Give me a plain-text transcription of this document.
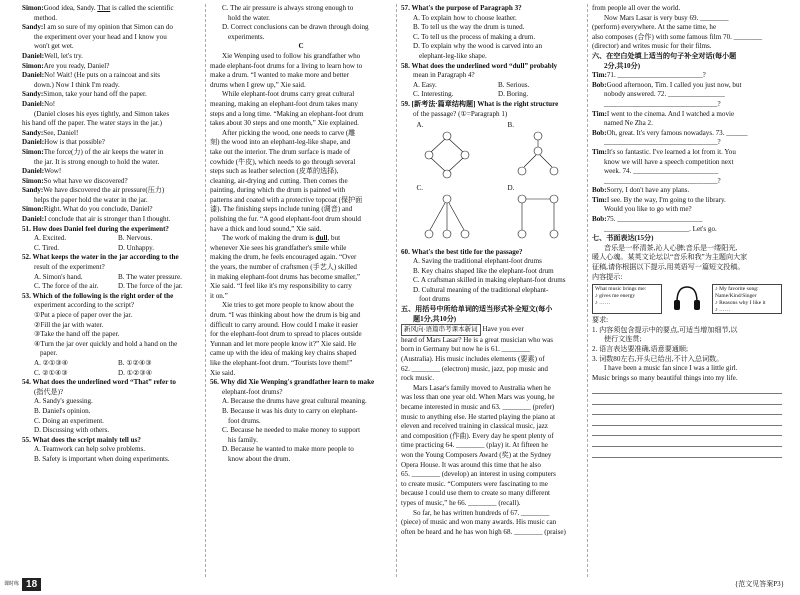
Simon:Good idea, Sandy. That is called the scientific
method.
Sandy:I am so sure of my opinion that Simon can do
the experiment over your head and I know you
won't get wet.
Daniel:Well, let's try.
Simon:Are you ready, Daniel?
Daniel:No! Wait! (He puts on a raincoat and sits
down.) Now I think I'm ready.
Sandy:Simon, take your hand off the paper.
Daniel:No!
(Daniel closes his eyes tightly, and Simon takes
his hand off the paper. The water stays in the jar.)
Sandy:See, Daniel!
Daniel:How is that possible?
Simon:The force(力) of the air keeps the water in
the jar. It is strong enough to hold the water.
Daniel:Wow!
Simon:So what have we discovered?
Sandy:We have discovered the air pressure(压力)
helps the paper hold the water in the jar.
Simon:Right. What do you conclude, Daniel?
Daniel:I conclude that air is stronger than I thought.
51. How does Daniel feel during the experiment?
A. Excited.	B. Nervous.
C. Tired.	D. Unhappy.
52. What keeps the water in the jar according to the
result of the experiment?
A. Simon's hand.	B. The water pressure.
C. The force of the air.	D. The force of the jar.
53. Which of the following is the right order of the
experiment according to the script?
①Put a piece of paper over the jar.
②Fill the jar with water.
③Take the hand off the paper.
④Turn the jar over quickly and hold a hand on the
paper.
A. ②①③④	B. ①②④③
C. ②①④③	D. ①②③④
54. What does the underlined word “That” refer to
(指代是)?
A. Sandy's guessing.
B. Daniel's opinion.
C. Doing an experiment.
D. Discussing with others.
55. What does the script mainly tell us?
A. Teamwork can help solve problems.
B. Safety is important when doing experiments.
C. The air pressure is always strong enough to
hold the water.
D. Correct conclusions can be drawn through doing
experiments.
C
Xie Wenping used to follow his grandfather who
made elephant-foot drums for a living to learn how to
make a drum. “I wanted to make more and better
drums when I grew up,” Xie said.
While elephant-foot drums carry great cultural
meaning, making an elephant-foot drum takes many
steps and a long time. “Making an elephant-foot drum
takes about 30 steps and one month,” Xie explained.
After picking the wood, one needs to carve (雕
刻) the wood into an elephant-leg-like shape, and
take out the interior. The drum surface is made of
cowhide (牛皮), which needs to go through several
steps such as leather selection (皮革的选择),
cleaning, air-drying and cutting. Then comes the
painting, during which the drum is painted with
patterns and coated with a protective topcoat (保护面
漆). The finishing steps include tuning (调音) and
polishing the fur. “A good elephant-foot drum should
have a thick and loud sound,” Xie said.
The work of making the drum is dull, but
whenever Xie sees his grandfather's smile while
making the drum, he feels encouraged again. “Over
the years, the number of craftsmen (手艺人) skilled
in making elephant-foot drums has become smaller,”
Xie said. “I feel like it's my responsibility to carry
it on.”
Xie tries to get more people to know about the
drum. “I was thinking about how the drum is big and
difficult to carry around. How could I make it easier
for the elephant-foot drum to spread to places outside
Yunnan and let more people know it?” Xie said. He
came up with the idea of making key chains shaped
like the elephant-foot drum. “Tourists love them!”
Xie said.
56. Why did Xie Wenping's grandfather learn to make
elephant-foot drums?
A. Because the drums have great cultural meaning.
B. Because it was his duty to carry on elephant-
foot drums.
C. Because he needed to make money to support
his family.
D. Because he wanted to make more people to
know about the drum.
57. What's the purpose of Paragraph 3?
A. To explain how to choose leather.
B. To tell us the way the drum is tuned.
C. To tell us the process of making a drum.
D. To explain why the wood is carved into an
elephant-leg-like shape.
58. What does the underlined word “dull” probably
mean in Paragraph 4?
A. Easy.	B. Serious.
C. Interesting.	D. Boring.
59. [新考法·篇章结构题] What is the right structure
of the passage? (①=Paragraph 1)
A.	B.
C.	D.
60. What's the best title for the passage?
A. Saving the traditional elephant-foot drums
B. Key chains shaped like the elephant-foot drum
C. A craftsman skilled in making elephant-foot drums
D. Cultural meaning of the traditional elephant-
foot drums
五、用括号中所给单词的适当形式补全短文(每小
题1分,共10分)
新风向·语篇串考课本新词 Have you ever
heard of Mars Lasar? He is a great musician who was
born in Germany but now he is 61. ________
(Australia). His music includes elements (要素) of
62. ________ (electron) music, jazz, pop music and
rock music.
Mars Lasar's family moved to Australia when he
was less than one year old. When Mars was young, he
became interested in music and 63. ________ (prefer)
music to anything else. He started playing the piano at
eleven and received training in classical music, jazz
and composition (作曲). Every day he spent plenty of
time practicing 64. ________ (play) it. At fifteen he
won the Young Composers Award (奖) at the Sydney
Opera House. It was around this time that he also
65. ________ (develop) an interest in using computers
to create music. “Computers were fascinating to me
because I could use them to create so many different
types of music,” he 66. ________ (recall).
So far, he has written hundreds of 67. ________
(piece) of music and won many awards. His music can
often be heard and he has won high 68. ________ (praise)
from people all over the world.
Now Mars Lasar is very busy 69. ________
(perform) everywhere. At the same time, he
also composes (合作) with some famous film 70. ________
(director) and writes music for their films.
六、在空白处填上适当的句子补全对话(每小题
2分,共10分)
Tim:71. ________________________?
Bob:Good afternoon, Tim. I called you just now, but
nobody answered. 72. ________________
________________________________?
Tim:I went to the cinema. And I watched a movie
named Ne Zha 2.
Bob:Oh, great. It's very famous nowadays. 73. ______
________________________________?
Tim:It's so fantastic. I've learned a lot from it. You
know we will have a speech competition next
week. 74. ________________________
________________________________?
Bob:Sorry, I don't have any plans.
Tim:I see. By the way, I'm going to the library.
Would you like to go with me?
Bob:75. ________________________
________________________. Let's go.
七、书面表达(15分)
音乐是一杯清茶,沁人心脾;音乐是一缕阳光,
暖人心魂。某英文论坛以“音乐和我”为主题向大家
征稿,请你根据以下提示,用英语写一篇短文投稿。
内容提示:
What music brings me:
♪ gives me energy
♪ ……
♪ My favorite song:
Name/Kind/Singer
♪ Reasons why I like it
♪ ……
要求:
1. 内容须包含提示中的要点,可适当增加细节,以
使行文连贯;
2. 语言表达要准确,语意要通顺;
3. 词数80左右,开头已给出,不计入总词数。
I have been a music fan since I was a little girl.
Music brings so many beautiful things into my life.
课时练 18	{范文见答案P3}
